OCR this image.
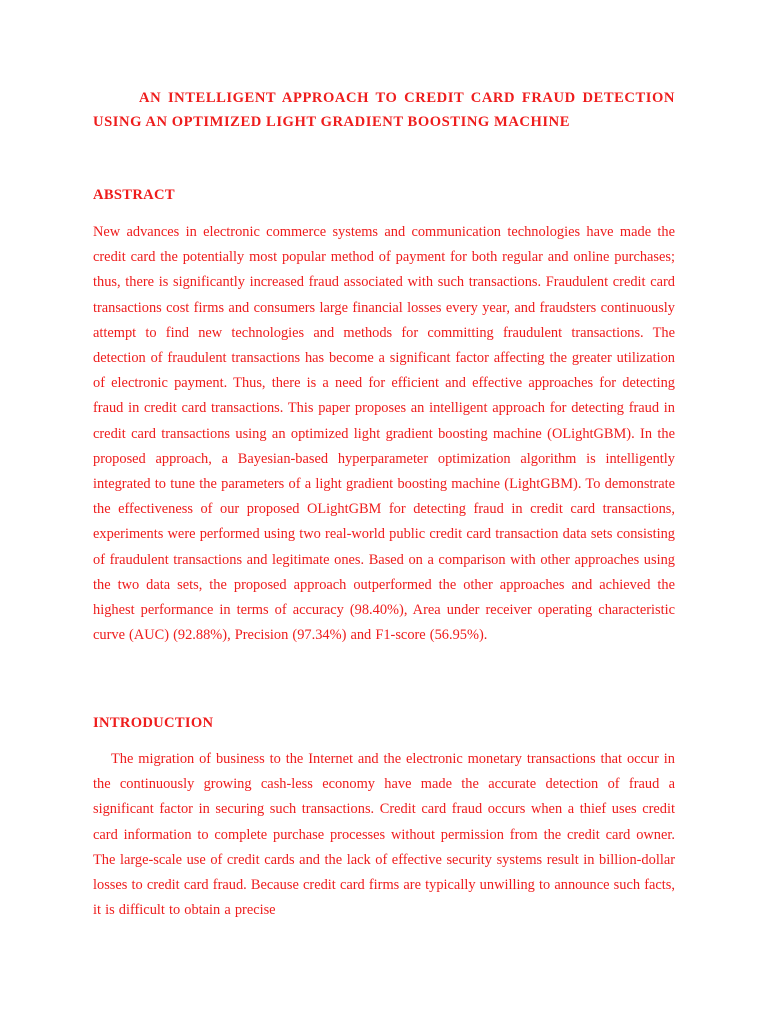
AN INTELLIGENT APPROACH TO CREDIT CARD FRAUD DETECTION USING AN OPTIMIZED LIGHT GRADIENT BOOSTING MACHINE

ABSTRACT

New advances in electronic commerce systems and communication technologies have made the credit card the potentially most popular method of payment for both regular and online purchases; thus, there is significantly increased fraud associated with such transactions. Fraudulent credit card transactions cost firms and consumers large financial losses every year, and fraudsters continuously attempt to find new technologies and methods for committing fraudulent transactions. The detection of fraudulent transactions has become a significant factor affecting the greater utilization of electronic payment. Thus, there is a need for efficient and effective approaches for detecting fraud in credit card transactions. This paper proposes an intelligent approach for detecting fraud in credit card transactions using an optimized light gradient boosting machine (OLightGBM). In the proposed approach, a Bayesian-based hyperparameter optimization algorithm is intelligently integrated to tune the parameters of a light gradient boosting machine (LightGBM). To demonstrate the effectiveness of our proposed OLightGBM for detecting fraud in credit card transactions, experiments were performed using two real-world public credit card transaction data sets consisting of fraudulent transactions and legitimate ones. Based on a comparison with other approaches using the two data sets, the proposed approach outperformed the other approaches and achieved the highest performance in terms of accuracy (98.40%), Area under receiver operating characteristic curve (AUC) (92.88%), Precision (97.34%) and F1-score (56.95%).

INTRODUCTION

The migration of business to the Internet and the electronic monetary transactions that occur in the continuously growing cash-less economy have made the accurate detection of fraud a significant factor in securing such transactions. Credit card fraud occurs when a thief uses credit card information to complete purchase processes without permission from the credit card owner. The large-scale use of credit cards and the lack of effective security systems result in billion-dollar losses to credit card fraud. Because credit card firms are typically unwilling to announce such facts, it is difficult to obtain a precise
